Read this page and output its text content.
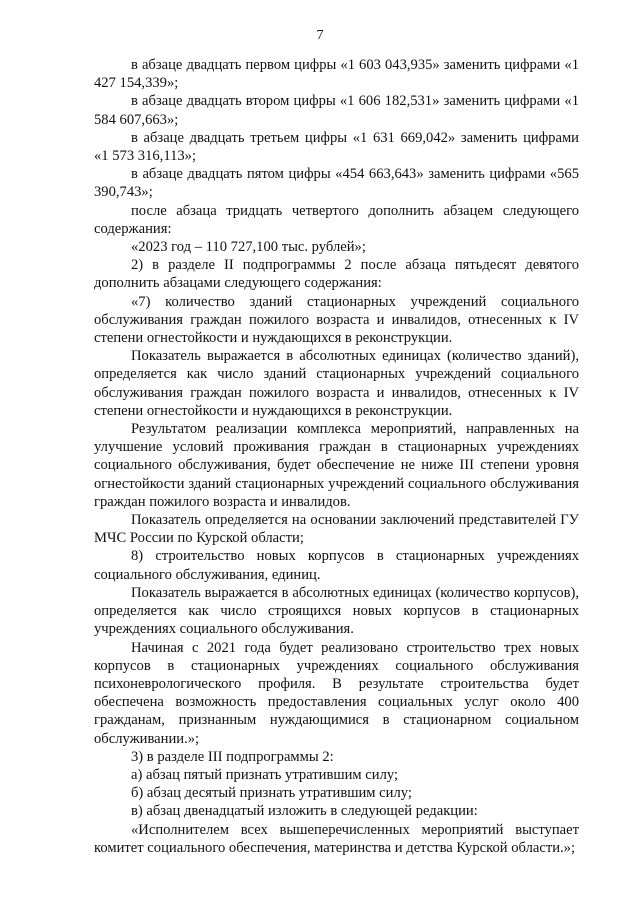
7

в абзаце двадцать первом цифры «1 603 043,935» заменить цифрами «1 427 154,339»;

в абзаце двадцать втором цифры «1 606 182,531» заменить цифрами «1 584 607,663»;

в абзаце двадцать третьем цифры «1 631 669,042» заменить цифрами «1 573 316,113»;

в абзаце двадцать пятом цифры «454 663,643» заменить цифрами «565 390,743»;

после абзаца тридцать четвертого дополнить абзацем следующего содержания:

«2023 год – 110 727,100 тыс. рублей»;

2) в разделе II подпрограммы 2 после абзаца пятьдесят девятого дополнить абзацами следующего содержания:

«7) количество зданий стационарных учреждений социального обслуживания граждан пожилого возраста и инвалидов, отнесенных к IV степени огнестойкости и нуждающихся в реконструкции.

Показатель выражается в абсолютных единицах (количество зданий), определяется как число зданий стационарных учреждений социального обслуживания граждан пожилого возраста и инвалидов, отнесенных к IV степени огнестойкости и нуждающихся в реконструкции.

Результатом реализации комплекса мероприятий, направленных на улучшение условий проживания граждан в стационарных учреждениях социального обслуживания, будет обеспечение не ниже III степени уровня огнестойкости зданий стационарных учреждений социального обслуживания граждан пожилого возраста и инвалидов.

Показатель определяется на основании заключений представителей ГУ МЧС России по Курской области;

8) строительство новых корпусов в стационарных учреждениях социального обслуживания, единиц.

Показатель выражается в абсолютных единицах (количество корпусов), определяется как число строящихся новых корпусов в стационарных учреждениях социального обслуживания.

Начиная с 2021 года будет реализовано строительство трех новых корпусов в стационарных учреждениях социального обслуживания психоневрологического профиля. В результате строительства будет обеспечена возможность предоставления социальных услуг около 400 гражданам, признанным нуждающимися в стационарном социальном обслуживании.»;

3) в разделе III подпрограммы 2:

а) абзац пятый признать утратившим силу;

б) абзац десятый признать утратившим силу;

в) абзац двенадцатый изложить в следующей редакции:

«Исполнителем всех вышеперечисленных мероприятий выступает комитет социального обеспечения, материнства и детства Курской области.»;
